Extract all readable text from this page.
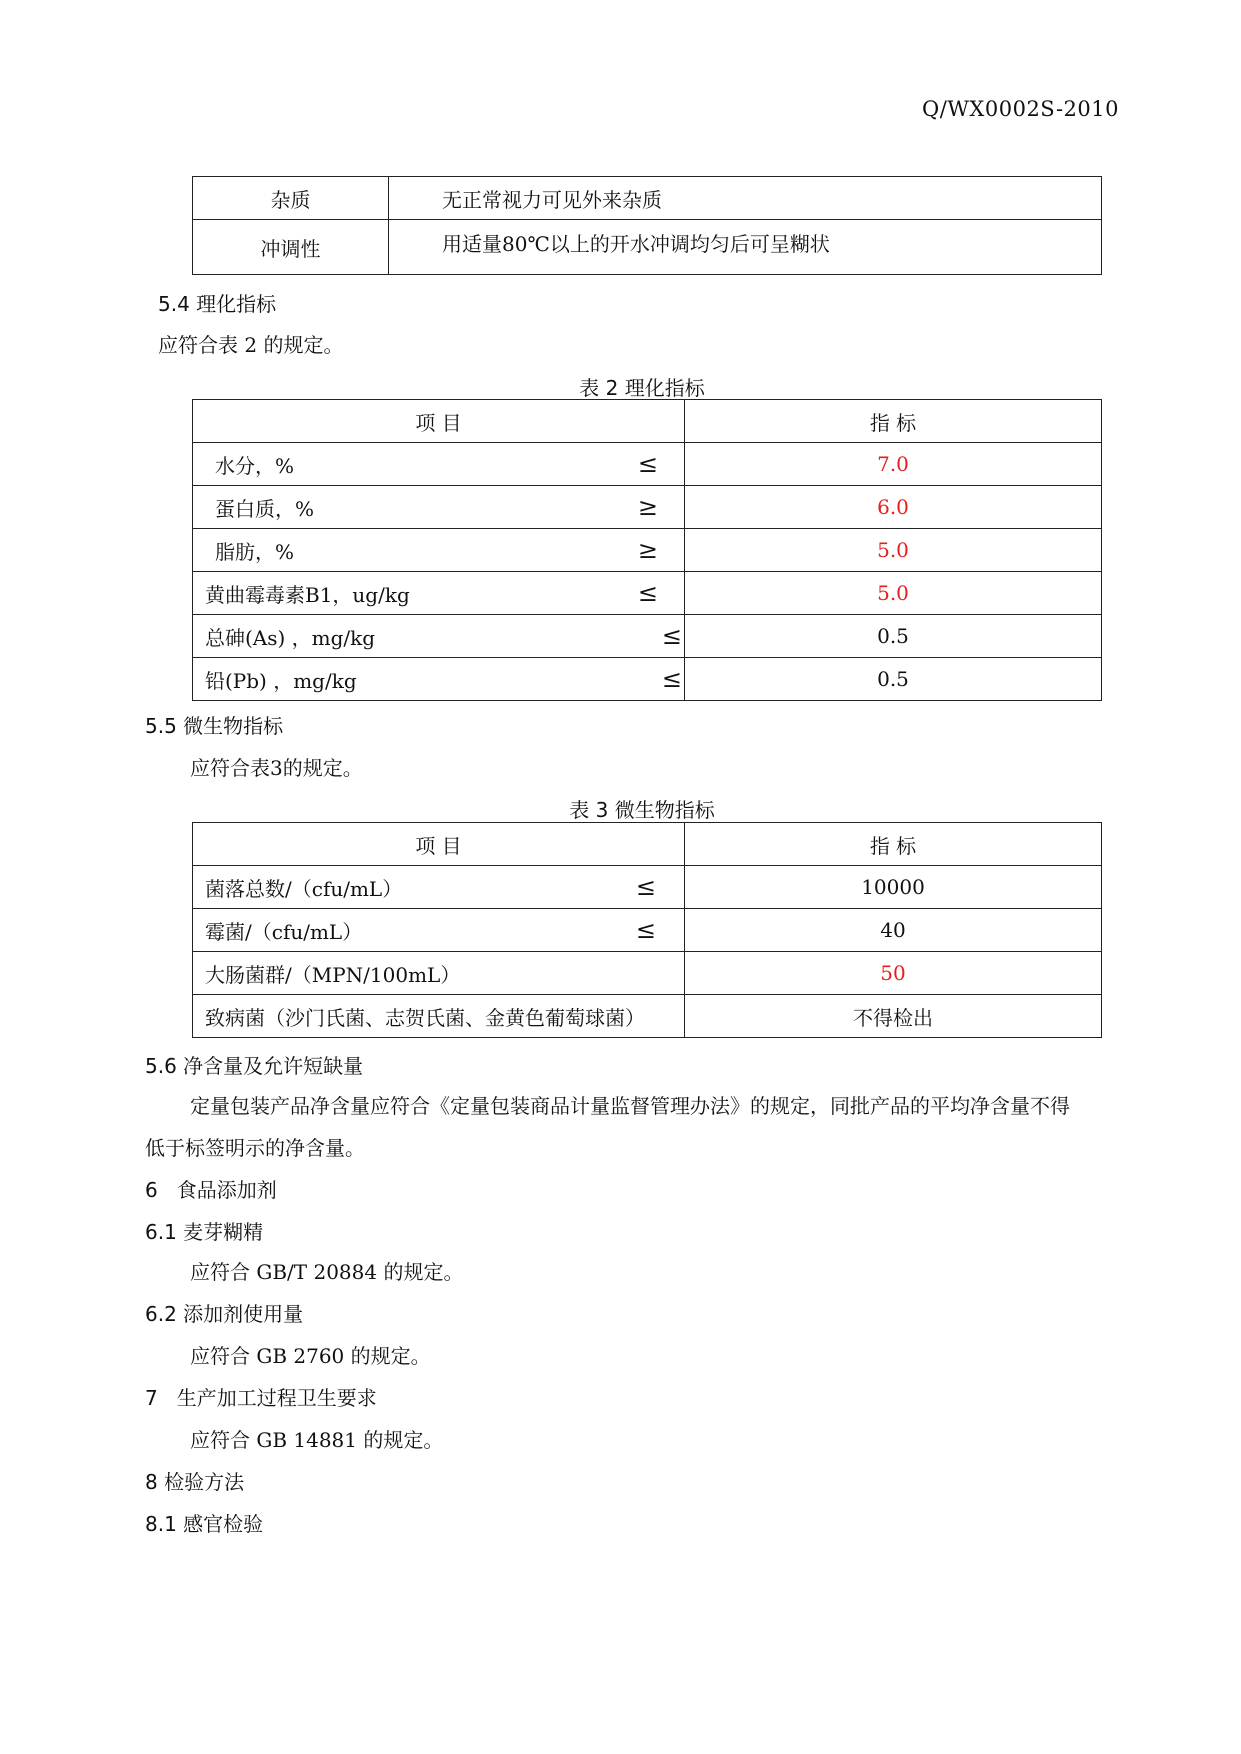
Q/WX0002S-2010
杂质	无正常视力可见外来杂质
冲调性	用适量80℃以上的开水冲调均匀后可呈糊状
5.4 理化指标
应符合表 2 的规定。
表 2 理化指标
项 目	指 标

水分，% ≤	7.0

蛋白质，% ≥	6.0

脂肪，% ≥	5.0

黄曲霉毒素B1，ug/kg ≤	5.0

总砷(As) ，mg/kg ≤	0.5

铅(Pb) ，mg/kg ≤	0.5
5.5 微生物指标
应符合表3的规定。
表 3 微生物指标
项 目	指 标

菌落总数/（cfu/mL） ≤	10000

霉菌/（cfu/mL） ≤	40
大肠菌群/（MPN/100mL）	50
致病菌（沙门氏菌、志贺氏菌、金黄色葡萄球菌）	不得检出
5.6 净含量及允许短缺量
定量包装产品净含量应符合《定量包装商品计量监督管理办法》的规定，同批产品的平均净含量不得
低于标签明示的净含量。
6   食品添加剂
6.1 麦芽糊精
应符合 GB/T 20884 的规定。
6.2 添加剂使用量
应符合 GB 2760 的规定。
7   生产加工过程卫生要求
应符合 GB 14881 的规定。
8 检验方法
8.1 感官检验
